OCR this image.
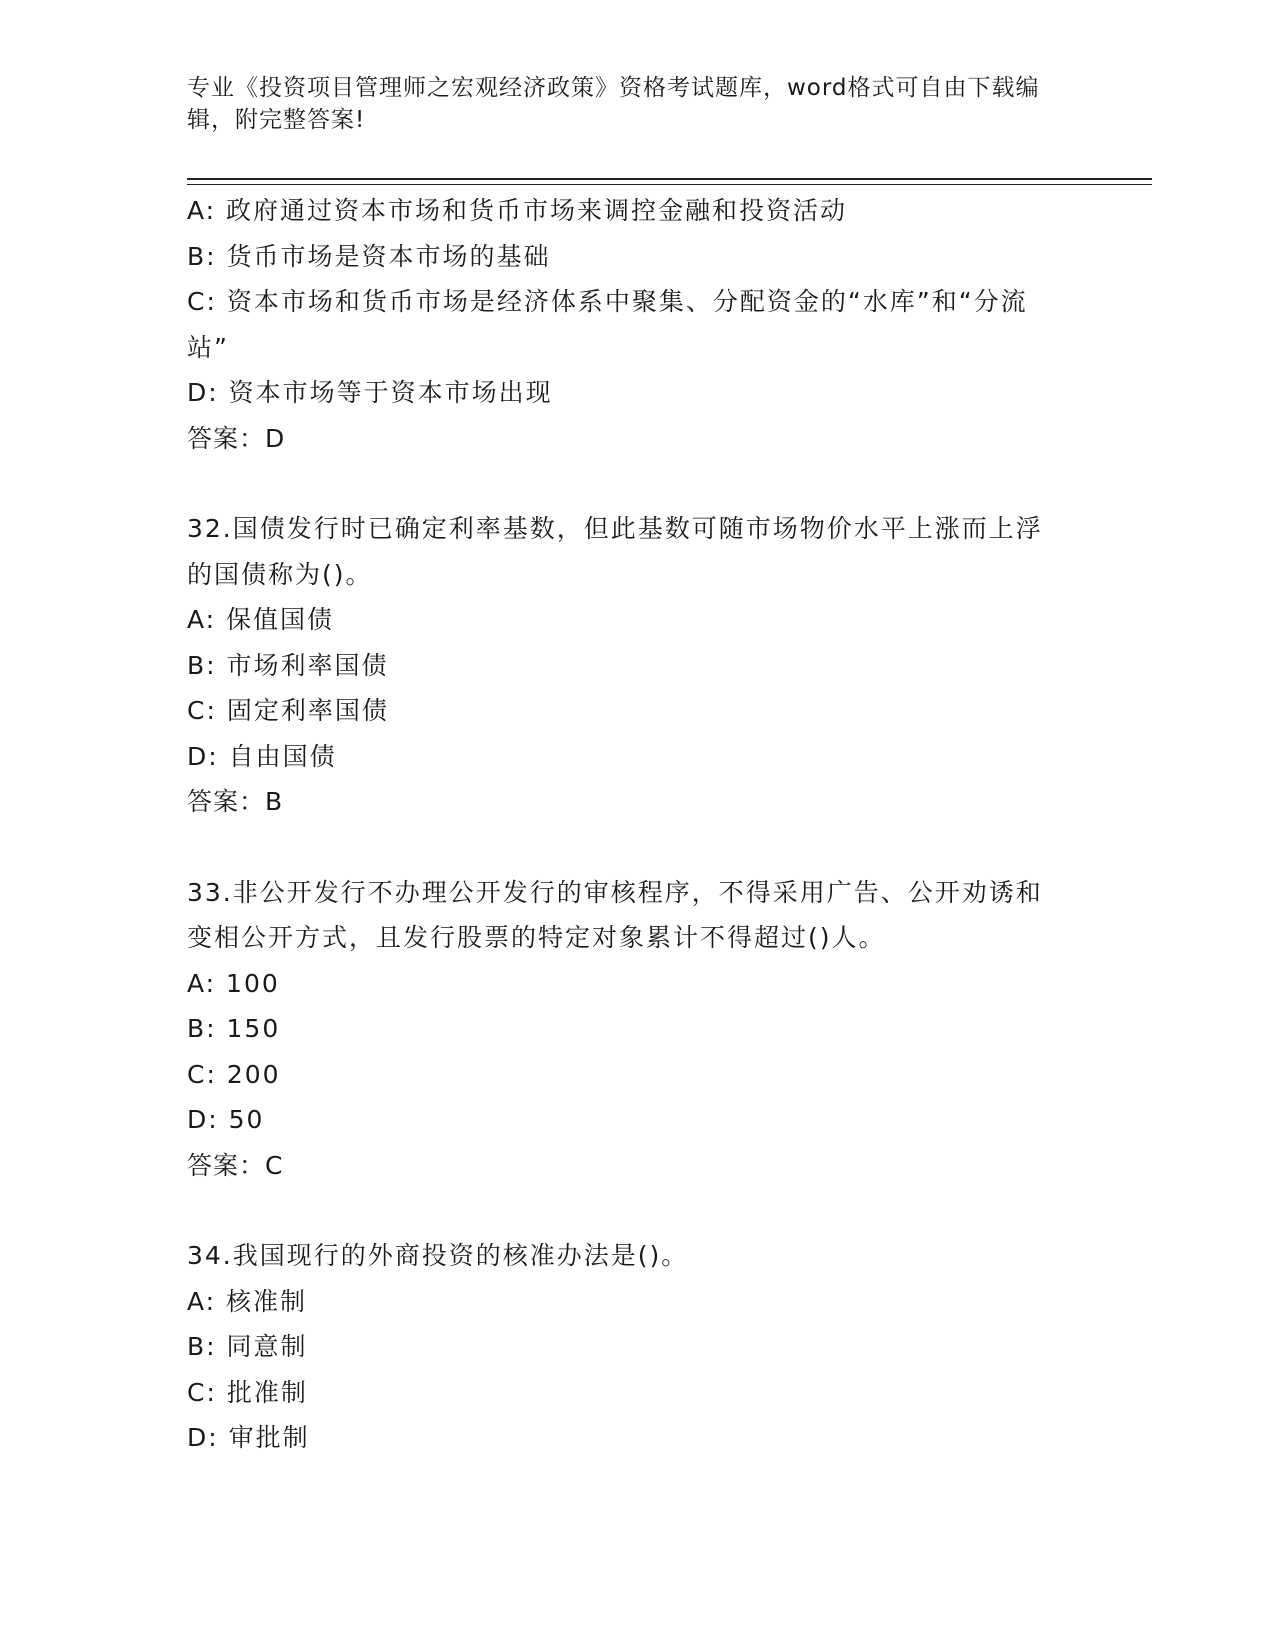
专业《投资项目管理师之宏观经济政策》资格考试题库，word格式可自由下载编辑，附完整答案!
A: 政府通过资本市场和货币市场来调控金融和投资活动
B: 货币市场是资本市场的基础
C: 资本市场和货币市场是经济体系中聚集、分配资金的“水库”和“分流站”
D: 资本市场等于资本市场出现
答案：D
32.国债发行时已确定利率基数，但此基数可随市场物价水平上涨而上浮的国债称为()。
A: 保值国债
B: 市场利率国债
C: 固定利率国债
D: 自由国债
答案：B
33.非公开发行不办理公开发行的审核程序，不得采用广告、公开劝诱和变相公开方式，且发行股票的特定对象累计不得超过()人。
A: 100
B: 150
C: 200
D: 50
答案：C
34.我国现行的外商投资的核准办法是()。
A: 核准制
B: 同意制
C: 批准制
D: 审批制
